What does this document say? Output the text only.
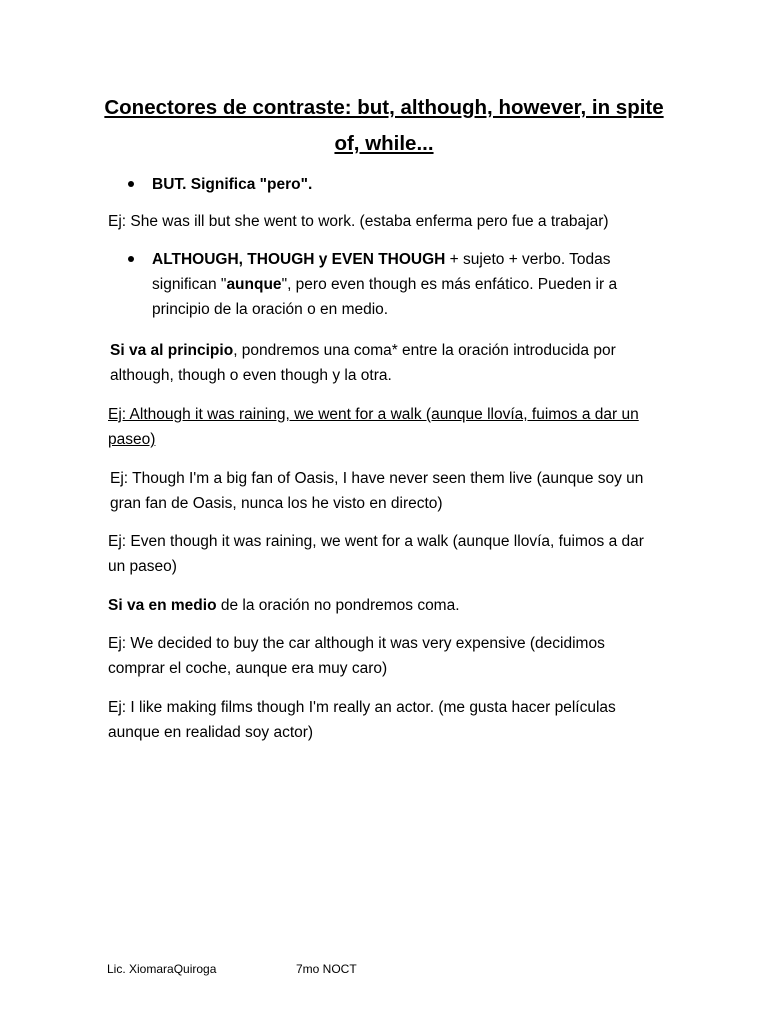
Conectores de contraste: but, although, however, in spite of, while...
BUT. Significa "pero".
Ej: She was ill but she went to work. (estaba enferma pero fue a trabajar)
ALTHOUGH, THOUGH y EVEN THOUGH + sujeto + verbo. Todas significan "aunque", pero even though es más enfático. Pueden ir a principio de la oración o en medio.
Si va al principio, pondremos una coma* entre la oración introducida por although, though o even though y la otra.
Ej: Although it was raining, we went for a walk (aunque llovía, fuimos a dar un paseo)
Ej: Though I'm a big fan of Oasis, I have never seen them live (aunque soy un gran fan de Oasis, nunca los he visto en directo)
Ej: Even though it was raining, we went for a walk (aunque llovía, fuimos a dar un paseo)
Si va en medio de la oración no pondremos coma.
Ej: We decided to buy the car although it was very expensive (decidimos comprar el coche, aunque era muy caro)
Ej: I like making films though I'm really an actor. (me gusta hacer películas aunque en realidad soy actor)
Lic. XiomaraQuiroga	7mo NOCT
